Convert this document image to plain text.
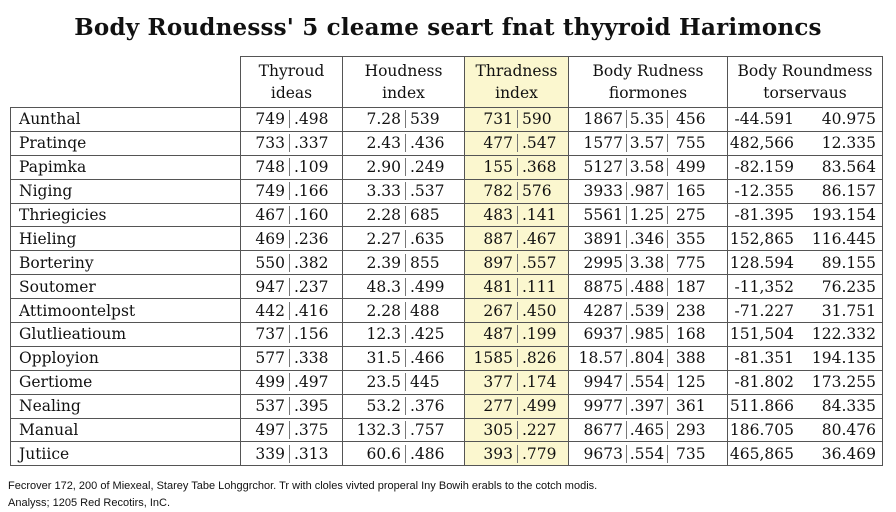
Body Roudnesss' 5 cleame seart fnat thyyroid Harimoncs
	Thyroud ideas	Houdness index	Thradness index	Body Rudness fiormones	Body Roundmess torservaus
Aunthal	749 .498	7.28 539	731 590	1867 5.35 456	-44.591 40.975

Pratinqe	733 .337	2.43 .436	477 .547	1577 3.57 755	482,566 12.335

Papimka	748 .109	2.90 .249	155 .368	5127 3.58 499	-82.159 83.564

Niging	749 .166	3.33 .537	782 576	3933 .987 165	-12.355 86.157

Thriegicies	467 .160	2.28 685	483 .141	5561 1.25 275	-81.395 193.154

Hieling	469 .236	2.27 .635	887 .467	3891 .346 355	152,865 116.445

Borteriny	550 .382	2.39 855	897 .557	2995 3.38 775	128.594 89.155

Soutomer	947 .237	48.3 .499	481 .111	8875 .488 187	-11,352 76.235

Attimoontelpst	442 .416	2.28 488	267 .450	4287 .539 238	-71.227 31.751

Glutlieatioum	737 .156	12.3 .425	487 .199	6937 .985 168	151,504 122.332

Opployion	577 .338	31.5 .466	1585 .826	18.57 .804 388	-81.351 194.135

Gertiome	499 .497	23.5 445	377 .174	9947 .554 125	-81.802 173.255

Nealing	537 .395	53.2 .376	277 .499	9977 .397 361	511.866 84.335

Manual	497 .375	132.3 .757	305 .227	8677 .465 293	186.705 80.476

Jutiice	339 .313	60.6 .486	393 .779	9673 .554 735	465,865 36.469
Fecrover 172, 200 of Miexeal, Starey Tabe Lohggrchor. Tr with cloles vivted properal Iny Bowih erabls to the cotch modis.
Analyss; 1205 Red Recotirs, InC.
